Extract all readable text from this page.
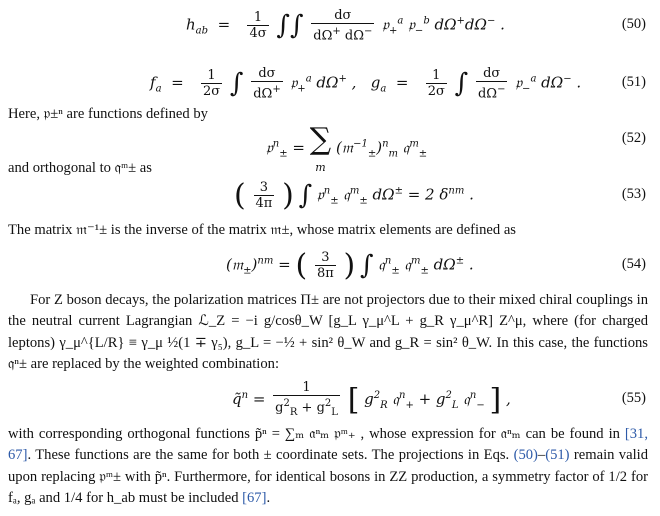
$h_{ab} = \frac{1}{4\sigma}$ ∫∫ $\frac{d\sigma}{d\Omega^+ d\Omega^-}$ 𝔭$_+^a$ 𝔭$_-^b$ dΩ+dΩ− .	(50)
$f_a = \frac{1}{2\sigma}$ ∫ $\frac{d\sigma}{d\Omega^+}$ 𝔭$_+^a$ dΩ+ ,   $g_a = \frac{1}{2\sigma}$ ∫ $\frac{d\sigma}{d\Omega^-}$ 𝔭$_-^a$ dΩ− .	(51)

Here, 𝔭±ⁿ are functions defined by

𝔭$^n_\pm$ = ∑
m (𝔪$^{-1}_\pm$)$^n_m$ 𝔮$^m_\pm$
(52)

and orthogonal to 𝔮ᵐ± as

( $\frac{3}{4\pi}$ ) ∫ 𝔭$^n_\pm$ 𝔮$^m_\pm$ dΩ± = 2 $\delta^{nm}$ .	(53)

The matrix 𝔪⁻¹± is the inverse of the matrix 𝔪±, whose matrix elements are defined as

(𝔪$_\pm$)$^{nm}$ = ( $\frac{3}{8\pi}$ ) ∫ 𝔮$^n_\pm$ 𝔮$^m_\pm$ dΩ± .	(54)

For Z boson decays, the polarization matrices Π± are not projectors due to their mixed chiral couplings in the neutral current Lagrangian ℒ_Z = −i g/cosθ_W [g_L γ_μ^L + g_R γ_μ^R] Z^μ, where (for charged leptons) γ_μ^{L/R} ≡ γ_μ ½(1 ∓ γ₅), g_L = −½ + sin² θ_W and g_R = sin² θ_W. In this case, the functions 𝔮ⁿ± are replaced by the weighted combination:

q̃$^n$ = $\frac{1}{g^2_R + g^2_L}$ [ $g^2_R$ 𝔮$^n_+$ + $g^2_L$ 𝔮$^n_-$ ] ,	(55)

with corresponding orthogonal functions p̃ⁿ = ∑ₘ 𝔞ⁿₘ 𝔭ᵐ₊ , whose expression for 𝔞ⁿₘ can be found in [31, 67]. These functions are the same for both ± coordinate sets. The projections in Eqs. (50)–(51) remain valid upon replacing 𝔭ᵐ± with p̃ⁿ. Furthermore, for identical bosons in ZZ production, a symmetry factor of 1/2 for fₐ, gₐ and 1/4 for h_ab must be included [67].
